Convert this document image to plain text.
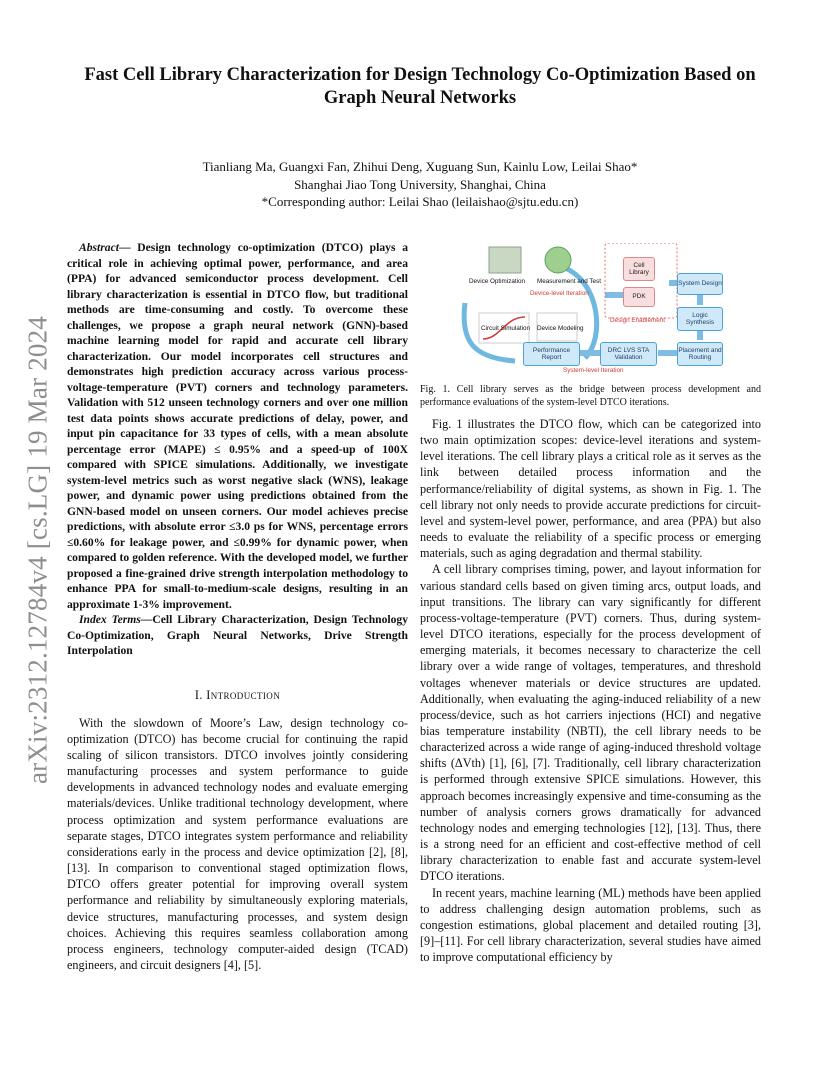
arXiv:2312.12784v4 [cs.LG] 19 Mar 2024
Fast Cell Library Characterization for Design Technology Co-Optimization Based on Graph Neural Networks
Tianliang Ma, Guangxi Fan, Zhihui Deng, Xuguang Sun, Kainlu Low, Leilai Shao*
Shanghai Jiao Tong University, Shanghai, China
*Corresponding author: Leilai Shao (leilaishao@sjtu.edu.cn)
Abstract— Design technology co-optimization (DTCO) plays a critical role in achieving optimal power, performance, and area (PPA) for advanced semiconductor process development. Cell library characterization is essential in DTCO flow, but traditional methods are time-consuming and costly. To overcome these challenges, we propose a graph neural network (GNN)-based machine learning model for rapid and accurate cell library characterization. Our model incorporates cell structures and demonstrates high prediction accuracy across various process-voltage-temperature (PVT) corners and technology parameters. Validation with 512 unseen technology corners and over one million test data points shows accurate predictions of delay, power, and input pin capacitance for 33 types of cells, with a mean absolute percentage error (MAPE) ≤ 0.95% and a speed-up of 100X compared with SPICE simulations. Additionally, we investigate system-level metrics such as worst negative slack (WNS), leakage power, and dynamic power using predictions obtained from the GNN-based model on unseen corners. Our model achieves precise predictions, with absolute error ≤3.0 ps for WNS, percentage errors ≤0.60% for leakage power, and ≤0.99% for dynamic power, when compared to golden reference. With the developed model, we further proposed a fine-grained drive strength interpolation methodology to enhance PPA for small-to-medium-scale designs, resulting in an approximate 1-3% improvement.
Index Terms—Cell Library Characterization, Design Technology Co-Optimization, Graph Neural Networks, Drive Strength Interpolation
I. Introduction

With the slowdown of Moore’s Law, design technology co-optimization (DTCO) has become crucial for continuing the rapid scaling of silicon transistors. DTCO involves jointly considering manufacturing processes and system performance to guide developments in advanced technology nodes and evaluate emerging materials/devices. Unlike traditional technology development, where process optimization and system performance evaluations are separate stages, DTCO integrates system performance and reliability considerations early in the process and device optimization [2], [8], [13]. In comparison to conventional staged optimization flows, DTCO offers greater potential for improving overall system performance and reliability by simultaneously exploring materials, device structures, manufacturing processes, and system design choices. Achieving this requires seamless collaboration among process engineers, technology computer-aided design (TCAD) engineers, and circuit designers [4], [5].

Device Optimization Measurement and Test
Device-level Iteration
Circuit Simulation Device Modeling
Cell Library
PDK
Design Enablement
System Design
Logic Synthesis
Placement and Routing
DRC LVS STA Validation
Performance Report
System-level Iteration
Fig. 1. Cell library serves as the bridge between process development and performance evaluations of the system-level DTCO iterations.

Fig. 1 illustrates the DTCO flow, which can be categorized into two main optimization scopes: device-level iterations and system-level iterations. The cell library plays a critical role as it serves as the link between detailed process information and the performance/reliability of digital systems, as shown in Fig. 1. The cell library not only needs to provide accurate predictions for circuit-level and system-level power, performance, and area (PPA) but also needs to evaluate the reliability of a specific process or emerging materials, such as aging degradation and thermal stability.

A cell library comprises timing, power, and layout information for various standard cells based on given timing arcs, output loads, and input transitions. The library can vary significantly for different process-voltage-temperature (PVT) corners. Thus, during system-level DTCO iterations, especially for the process development of emerging materials, it becomes necessary to characterize the cell library over a wide range of voltages, temperatures, and threshold voltages whenever materials or device structures are updated. Additionally, when evaluating the aging-induced reliability of a new process/device, such as hot carriers injections (HCI) and negative bias temperature instability (NBTI), the cell library needs to be characterized across a wide range of aging-induced threshold voltage shifts (ΔVth) [1], [6], [7]. Traditionally, cell library characterization is performed through extensive SPICE simulations. However, this approach becomes increasingly expensive and time-consuming as the number of analysis corners grows dramatically for advanced technology nodes and emerging technologies [12], [13]. Thus, there is a strong need for an efficient and cost-effective method of cell library characterization to enable fast and accurate system-level DTCO iterations.

In recent years, machine learning (ML) methods have been applied to address challenging design automation problems, such as congestion estimations, global placement and detailed routing [3], [9]–[11]. For cell library characterization, several studies have aimed to improve computational efficiency by
